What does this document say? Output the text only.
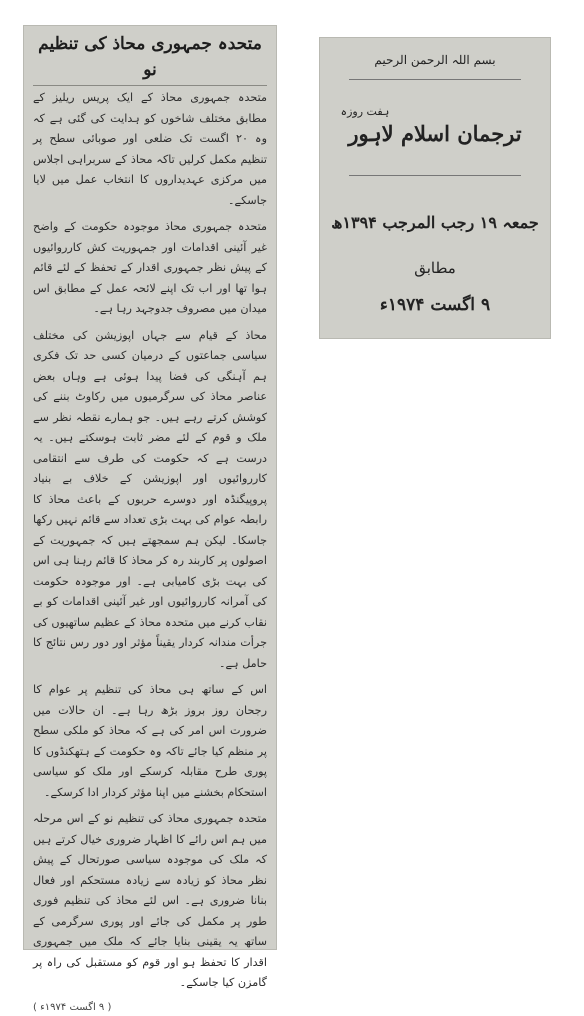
متحدہ جمہوری محاذ کی تنظیم نو
متحدہ جمہوری محاذ کے ایک پریس ریلیز کے مطابق مختلف شاخوں کو ہدایت کی گئی ہے کہ وہ ۲۰ اگست تک ضلعی اور صوبائی سطح پر تنظیم مکمل کرلیں تاکہ محاذ کے سربراہی اجلاس میں مرکزی عہدیداروں کا انتخاب عمل میں لایا جاسکے۔
متحدہ جمہوری محاذ موجودہ حکومت کے واضح غیر آئینی اقدامات اور جمہوریت کش کارروائیوں کے پیش نظر جمہوری اقدار کے تحفظ کے لئے قائم ہوا تھا اور اب تک اپنے لائحہ عمل کے مطابق اس میدان میں مصروف جدوجہد رہا ہے۔
محاذ کے قیام سے جہاں اپوزیشن کی مختلف سیاسی جماعتوں کے درمیان کسی حد تک فکری ہم آہنگی کی فضا پیدا ہوئی ہے وہاں بعض عناصر محاذ کی سرگرمیوں میں رکاوٹ بننے کی کوشش کرتے رہے ہیں۔ جو ہمارے نقطہ نظر سے ملک و قوم کے لئے مضر ثابت ہوسکتے ہیں۔ یہ درست ہے کہ حکومت کی طرف سے انتقامی کارروائیوں اور اپوزیشن کے خلاف بے بنیاد پروپیگنڈہ اور دوسرے حربوں کے باعث محاذ کا رابطہ عوام کی بہت بڑی تعداد سے قائم نہیں رکھا جاسکا۔ لیکن ہم سمجھتے ہیں کہ جمہوریت کے اصولوں پر کاربند رہ کر محاذ کا قائم رہنا ہی اس کی بہت بڑی کامیابی ہے۔ اور موجودہ حکومت کی آمرانہ کارروائیوں اور غیر آئینی اقدامات کو بے نقاب کرنے میں متحدہ محاذ کے عظیم ساتھیوں کی جرأت مندانہ کردار یقیناً مؤثر اور دور رس نتائج کا حامل ہے۔
اس کے ساتھ ہی محاذ کی تنظیم پر عوام کا رجحان روز بروز بڑھ رہا ہے۔ ان حالات میں ضرورت اس امر کی ہے کہ محاذ کو ملکی سطح پر منظم کیا جائے تاکہ وہ حکومت کے ہتھکنڈوں کا پوری طرح مقابلہ کرسکے اور ملک کو سیاسی استحکام بخشنے میں اپنا مؤثر کردار ادا کرسکے۔
متحدہ جمہوری محاذ کی تنظیم نو کے اس مرحلہ میں ہم اس رائے کا اظہار ضروری خیال کرتے ہیں کہ ملک کی موجودہ سیاسی صورتحال کے پیش نظر محاذ کو زیادہ سے زیادہ مستحکم اور فعال بنانا ضروری ہے۔ اس لئے محاذ کی تنظیم فوری طور پر مکمل کی جائے اور پوری سرگرمی کے ساتھ یہ یقینی بنایا جائے کہ ملک میں جمہوری اقدار کا تحفظ ہو اور قوم کو مستقبل کی راہ پر گامزن کیا جاسکے۔
( ۹ اگست ۱۹۷۴ء )
بسم اللہ الرحمن الرحیم
ہفت روزہ
ترجمان اسلام لاہور
جمعہ ۱۹ رجب المرجب ۱۳۹۴ھ
مطابق
۹ اگست ۱۹۷۴ء
